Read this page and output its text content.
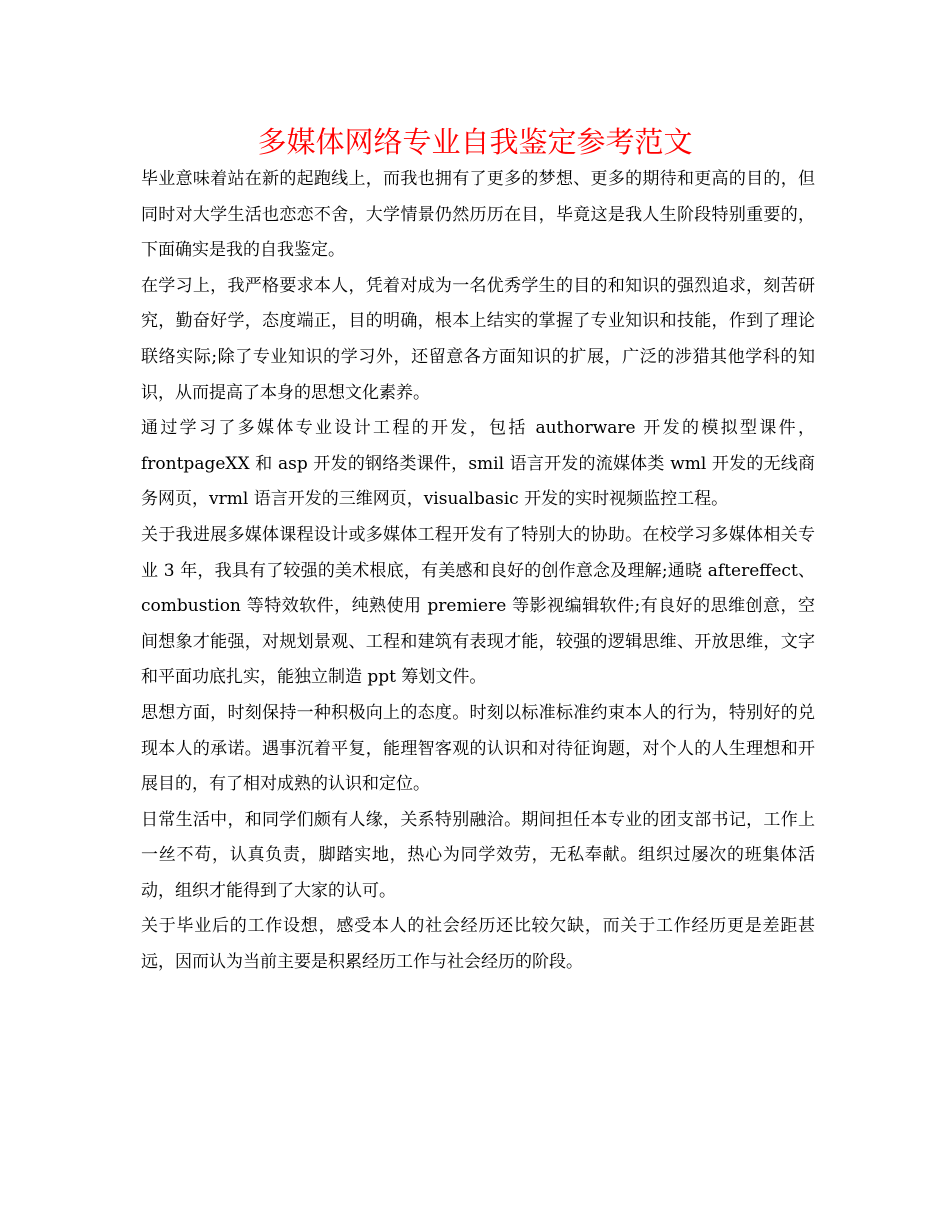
多媒体网络专业自我鉴定参考范文

毕业意味着站在新的起跑线上，而我也拥有了更多的梦想、更多的期待和更高的目的，但同时对大学生活也恋恋不舍，大学情景仍然历历在目，毕竟这是我人生阶段特别重要的，下面确实是我的自我鉴定。

在学习上，我严格要求本人，凭着对成为一名优秀学生的目的和知识的强烈追求，刻苦研究，勤奋好学，态度端正，目的明确，根本上结实的掌握了专业知识和技能，作到了理论联络实际;除了专业知识的学习外，还留意各方面知识的扩展，广泛的涉猎其他学科的知识，从而提高了本身的思想文化素养。

通过学习了多媒体专业设计工程的开发，包括 authorware 开发的模拟型课件，frontpageXX 和 asp 开发的钢络类课件，smil 语言开发的流媒体类 wml 开发的无线商务网页，vrml 语言开发的三维网页，visualbasic 开发的实时视频监控工程。

关于我进展多媒体课程设计或多媒体工程开发有了特别大的协助。在校学习多媒体相关专业 3 年，我具有了较强的美术根底，有美感和良好的创作意念及理解;通晓 aftereffect、combustion 等特效软件，纯熟使用 premiere 等影视编辑软件;有良好的思维创意，空间想象才能强，对规划景观、工程和建筑有表现才能，较强的逻辑思维、开放思维，文字和平面功底扎实，能独立制造 ppt 筹划文件。

思想方面，时刻保持一种积极向上的态度。时刻以标准标准约束本人的行为，特别好的兑现本人的承诺。遇事沉着平复，能理智客观的认识和对待征询题，对个人的人生理想和开展目的，有了相对成熟的认识和定位。

日常生活中，和同学们颇有人缘，关系特别融洽。期间担任本专业的团支部书记，工作上一丝不苟，认真负责，脚踏实地，热心为同学效劳，无私奉献。组织过屡次的班集体活动，组织才能得到了大家的认可。

关于毕业后的工作设想，感受本人的社会经历还比较欠缺，而关于工作经历更是差距甚远，因而认为当前主要是积累经历工作与社会经历的阶段。
